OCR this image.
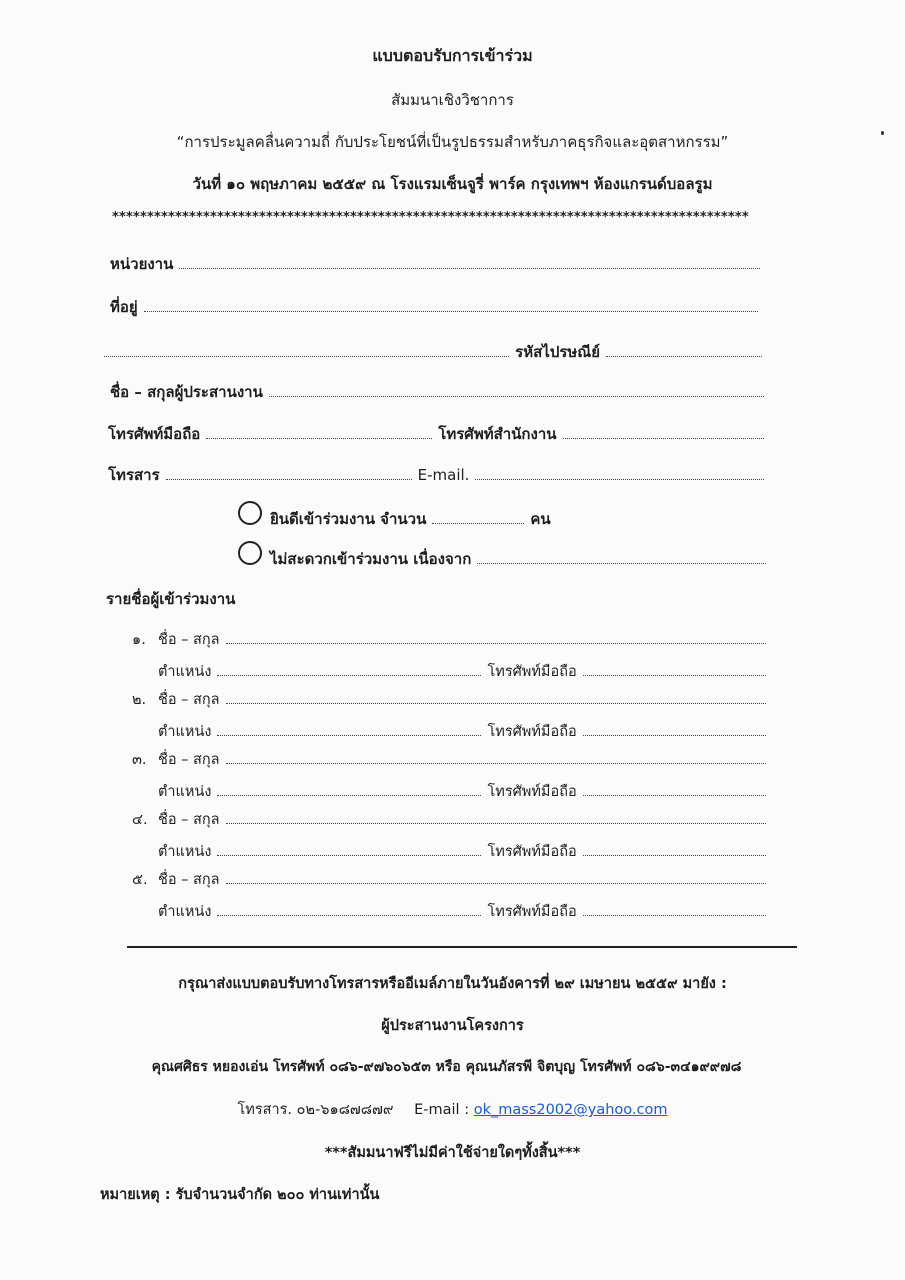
แบบตอบรับการเข้าร่วม
สัมมนาเชิงวิชาการ
“การประมูลคลื่นความถี่ กับประโยชน์ที่เป็นรูปธรรมสำหรับภาคธุรกิจและอุตสาหกรรม”
วันที่ ๑๐ พฤษภาคม ๒๕๕๙ ณ โรงแรมเซ็นจูรี่ พาร์ค กรุงเทพฯ ห้องแกรนด์บอลรูม
*******************************************************************************************
หน่วยงาน
ที่อยู่
รหัสไปรษณีย์
ชื่อ – สกุลผู้ประสานงาน
โทรศัพท์มือถือ	โทรศัพท์สำนักงาน
โทรสาร	E-mail.
ยินดีเข้าร่วมงาน จำนวน	คน
ไม่สะดวกเข้าร่วมงาน เนื่องจาก
รายชื่อผู้เข้าร่วมงาน
๑. ชื่อ – สกุล
ตำแหน่ง	โทรศัพท์มือถือ
๒. ชื่อ – สกุล
ตำแหน่ง	โทรศัพท์มือถือ
๓. ชื่อ – สกุล
ตำแหน่ง	โทรศัพท์มือถือ
๔. ชื่อ – สกุล
ตำแหน่ง	โทรศัพท์มือถือ
๕. ชื่อ – สกุล
ตำแหน่ง	โทรศัพท์มือถือ
กรุณาส่งแบบตอบรับทางโทรสารหรืออีเมล์ภายในวันอังคารที่ ๒๙ เมษายน ๒๕๕๙ มายัง :
ผู้ประสานงานโครงการ
คุณศศิธร หยองเอ่น โทรศัพท์ ๐๘๖-๙๗๖๐๖๕๓ หรือ คุณนภัสรพี จิตบุญ โทรศัพท์ ๐๘๖-๓๔๑๙๙๗๘
โทรสาร. ๐๒-๖๑๘๗๘๗๙ E-mail : ok_mass2002@yahoo.com
***สัมมนาฟรีไม่มีค่าใช้จ่ายใดๆทั้งสิ้น***
หมายเหตุ : รับจำนวนจำกัด ๒๐๐ ท่านเท่านั้น
